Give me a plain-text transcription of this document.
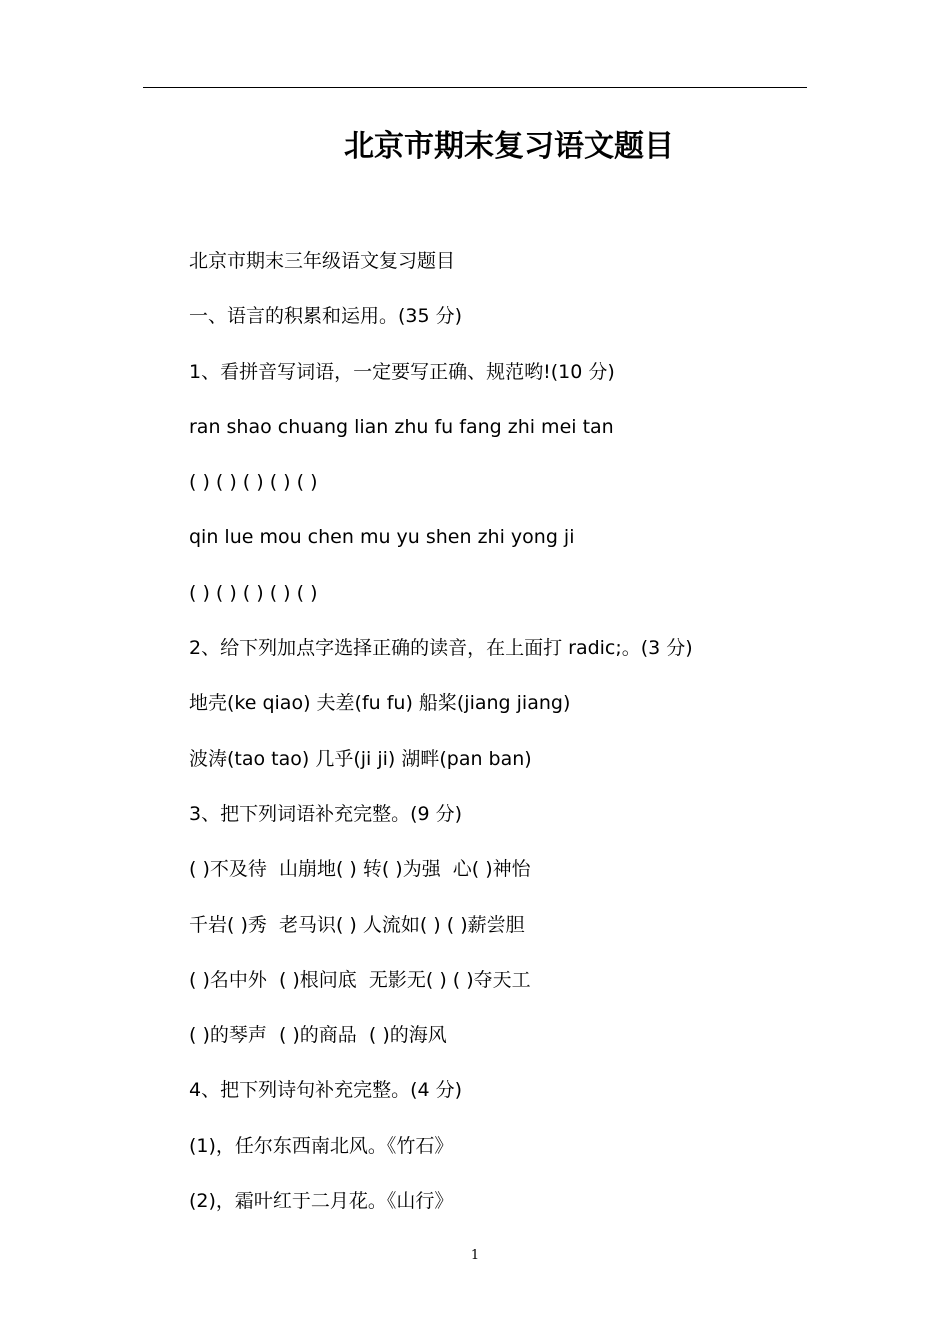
北京市期末复习语文题目
北京市期末三年级语文复习题目
一、语言的积累和运用。(35 分)
1、看拼音写词语，一定要写正确、规范哟!(10 分)
ran shao chuang lian zhu fu fang zhi mei tan
( ) ( ) ( ) ( ) ( )
qin lue mou chen mu yu shen zhi yong ji
( ) ( ) ( ) ( ) ( )
2、给下列加点字选择正确的读音，在上面打 radic;。(3 分)
地壳(ke qiao) 夫差(fu fu) 船桨(jiang jiang)
波涛(tao tao) 几乎(ji ji) 湖畔(pan ban)
3、把下列词语补充完整。(9 分)
( )不及待  山崩地( ) 转( )为强  心( )神怡
千岩( )秀  老马识( ) 人流如( ) ( )薪尝胆
( )名中外  ( )根问底  无影无( ) ( )夺天工
( )的琴声  ( )的商品  ( )的海风
4、把下列诗句补充完整。(4 分)
(1)，任尔东西南北风。《竹石》
(2)，霜叶红于二月花。《山行》
1
